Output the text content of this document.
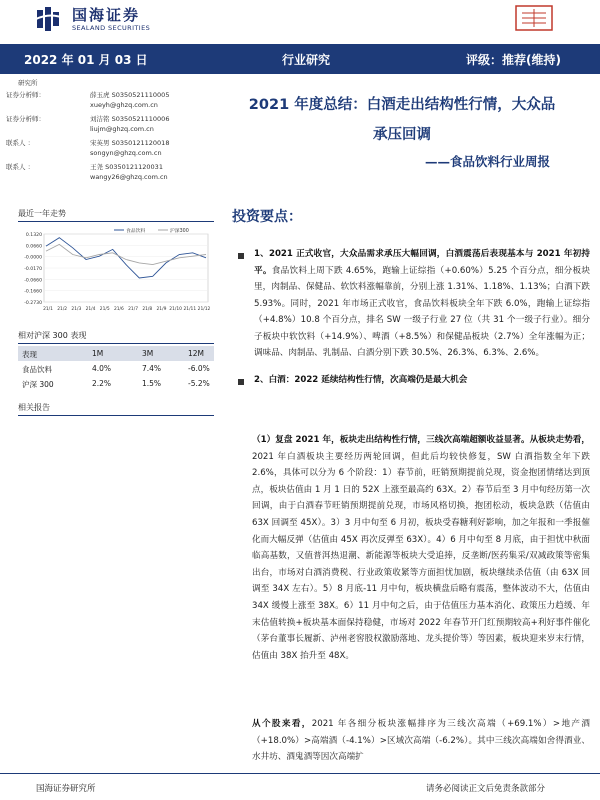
国海证券
SEALAND SECURITIES
2022 年 01 月 03 日	行业研究	评级：推荐(维持)
研究所
证券分析师：	薛玉虎 S0350521110005
xueyh@ghzq.com.cn
证券分析师：	刘洁铭 S0350521110006
liujm@ghzq.com.cn
联系人 ：	宋英男 S0350121120018
songyn@ghzq.com.cn
联系人 ：	王尧 S0350121120031
wangy26@ghzq.com.cn
最近一年走势
0.1320
0.0660
-0.0000
-0.0170
-0.0660
-0.1660
-0.2730
21/1 21/2 21/3 21/4 21/5 21/6 21/7 21/8 21/9 21/10 21/11 21/12
食品饮料	沪深300
相对沪深 300 表现
表现	1M	3M	12M
食品饮料	4.0%	7.4%	-6.0%
沪深 300	2.2%	1.5%	-5.2%
相关报告
2021 年度总结：白酒走出结构性行情，大众品
承压回调
——食品饮料行业周报
投资要点：
1、2021 正式收官，大众品需求承压大幅回调，白酒震荡后表现基本与 2021 年初持平。食品饮料上周下跌 4.65%，跑输上证综指（+0.60%）5.25 个百分点，细分板块里，肉制品、保健品、软饮料涨幅靠前，分别上涨 1.31%、1.18%、1.13%；白酒下跌 5.93%。同时，2021 年市场正式收官，食品饮料板块全年下跌 6.0%，跑输上证综指（+4.8%）10.8 个百分点，排名 SW 一级子行业 27 位（共 31 个一级子行业）。细分子板块中软饮料（+14.9%）、啤酒（+8.5%）和保健品板块（2.7%）全年涨幅为正；调味品、肉制品、乳制品、白酒分别下跌 30.5%、26.3%、6.3%、2.6%。
2、白酒：2022 延续结构性行情，次高端仍是最大机会
（1）复盘 2021 年，板块走出结构性行情，三线次高端超额收益显著。从板块走势看，2021 年白酒板块主要经历两轮回调，但此后均较快修复，SW 白酒指数全年下跌 2.6%，具体可以分为 6 个阶段：1）春节前，旺销预期提前兑现，资金抱团情绪达到顶点，板块估值由 1 月 1 日的 52X 上涨至最高约 63X。2）春节后至 3 月中旬经历第一次回调，由于白酒春节旺销预期提前兑现，市场风格切换，抱团松动，板块急跌（估值由 63X 回调至 45X）。3）3 月中旬至 6 月初，板块受春糖利好影响，加之年报和一季报催化而大幅反弹（估值由 45X 再次反弹至 63X）。4）6 月中旬至 8 月底，由于担忧中秋面临高基数，又值普洱热退潮、新能源等板块大受追捧，反垄断/医药集采/双减政策等密集出台，市场对白酒消费税、行业政策收紧等方面担忧加剧，板块继续杀估值（由 63X 回调至 34X 左右）。5）8 月底-11 月中旬，板块横盘后略有震荡，整体波动不大，估值由 34X 缓慢上涨至 38X。6）11 月中旬之后，由于估值压力基本消化、政策压力趋缓、年末估值转换+板块基本面保持稳健，市场对 2022 年春节开门红预期较高+利好事件催化（茅台董事长履新、泸州老窖股权激励落地、龙头提价等）等因素，板块迎来岁末行情，估值由 38X 抬升至 48X。
从个股来看，2021 年各细分板块涨幅排序为三线次高端（+69.1%）>地产酒（+18.0%）>高端酒（-4.1%）>区域次高端（-6.2%）。其中三线次高端如舍得酒业、水井坊、酒鬼酒等因次高端扩
国海证券研究所	请务必阅读正文后免责条款部分
